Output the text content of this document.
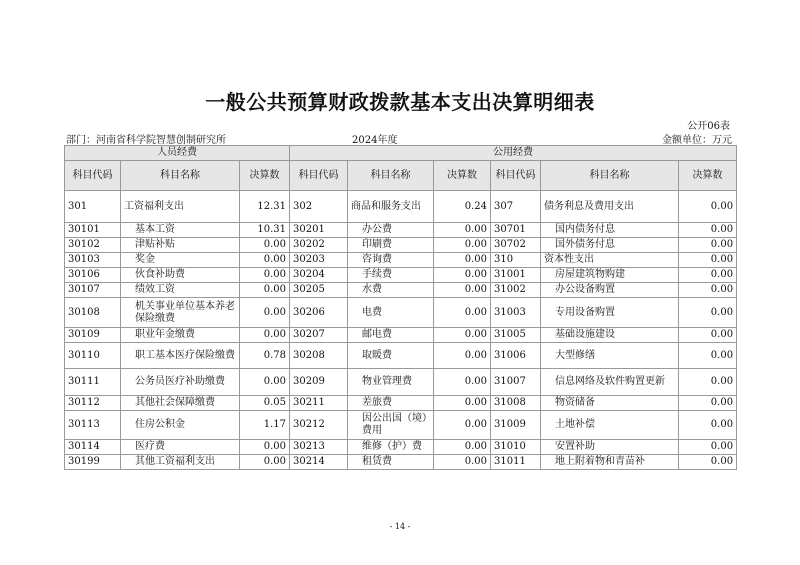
一般公共预算财政拨款基本支出决算明细表
公开06表
部门：河南省科学院智慧创制研究所	2024年度	金额单位：万元
人员经费			公用经费					
科目代码	科目名称	决算数	科目代码	科目名称	决算数	科目代码	科目名称	决算数
301	工资福利支出	12.31	302	商品和服务支出	0.24	307	债务利息及费用支出	0.00
30101	基本工资	10.31	30201	办公费	0.00	30701	国内债务付息	0.00
30102	津贴补贴	0.00	30202	印刷费	0.00	30702	国外债务付息	0.00
30103	奖金	0.00	30203	咨询费	0.00	310	资本性支出	0.00
30106	伙食补助费	0.00	30204	手续费	0.00	31001	房屋建筑物购建	0.00
30107	绩效工资	0.00	30205	水费	0.00	31002	办公设备购置	0.00
30108	机关事业单位基本养老保险缴费	0.00	30206	电费	0.00	31003	专用设备购置	0.00
30109	职业年金缴费	0.00	30207	邮电费	0.00	31005	基础设施建设	0.00
30110	职工基本医疗保险缴费	0.78	30208	取暖费	0.00	31006	大型修缮	0.00
30111	公务员医疗补助缴费	0.00	30209	物业管理费	0.00	31007	信息网络及软件购置更新	0.00
30112	其他社会保障缴费	0.05	30211	差旅费	0.00	31008	物资储备	0.00
30113	住房公积金	1.17	30212	因公出国（境）费用	0.00	31009	土地补偿	0.00
30114	医疗费	0.00	30213	维修（护）费	0.00	31010	安置补助	0.00
30199	其他工资福利支出	0.00	30214	租赁费	0.00	31011	地上附着物和青苗补	0.00
- 14 -
